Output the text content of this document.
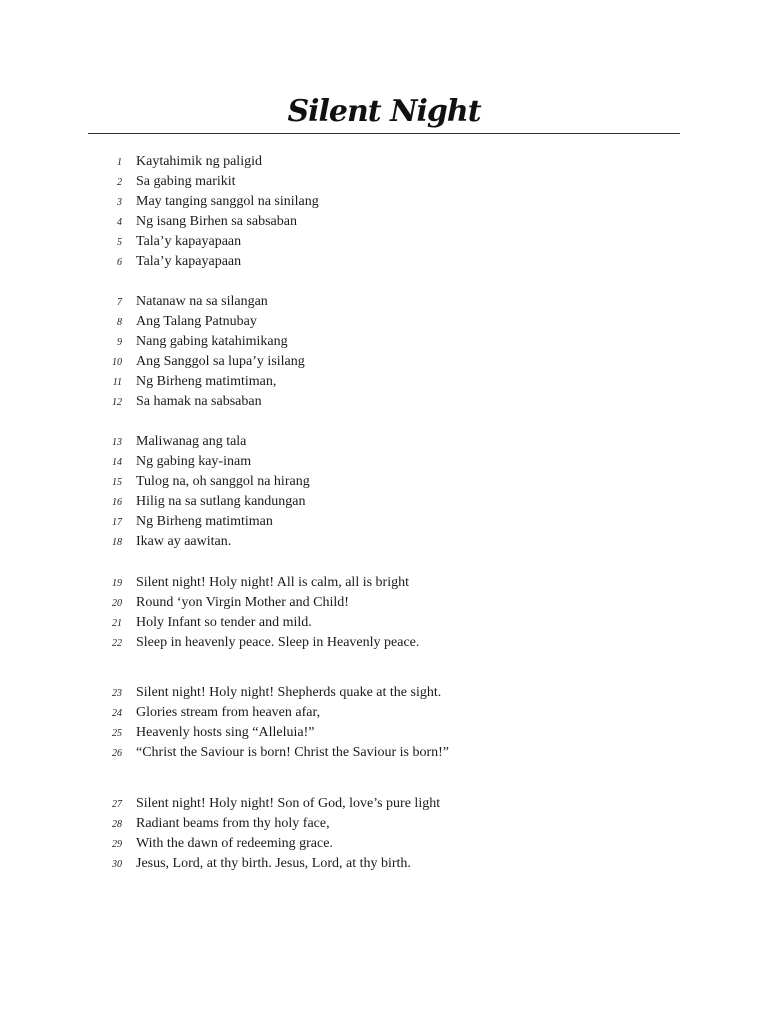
Silent Night
1 Kaytahimik ng paligid
2 Sa gabing marikit
3 May tanging sanggol na sinilang
4 Ng isang Birhen sa sabsaban
5 Tala’y kapayapaan
6 Tala’y kapayapaan
7 Natanaw na sa silangan
8 Ang Talang Patnubay
9 Nang gabing katahimikang
10 Ang Sanggol sa lupa’y isilang
11 Ng Birheng matimtiman,
12 Sa hamak na sabsaban
13 Maliwanag ang tala
14 Ng gabing kay-inam
15 Tulog na, oh sanggol na hirang
16 Hilig na sa sutlang kandungan
17 Ng Birheng matimtiman
18 Ikaw ay aawitan.
19 Silent night! Holy night! All is calm, all is bright
20 Round ‘yon Virgin Mother and Child!
21 Holy Infant so tender and mild.
22 Sleep in heavenly peace. Sleep in Heavenly peace.
23 Silent night! Holy night! Shepherds quake at the sight.
24 Glories stream from heaven afar,
25 Heavenly hosts sing “Alleluia!”
26 “Christ the Saviour is born! Christ the Saviour is born!”
27 Silent night! Holy night! Son of God, love’s pure light
28 Radiant beams from thy holy face,
29 With the dawn of redeeming grace.
30 Jesus, Lord, at thy birth. Jesus, Lord, at thy birth.
